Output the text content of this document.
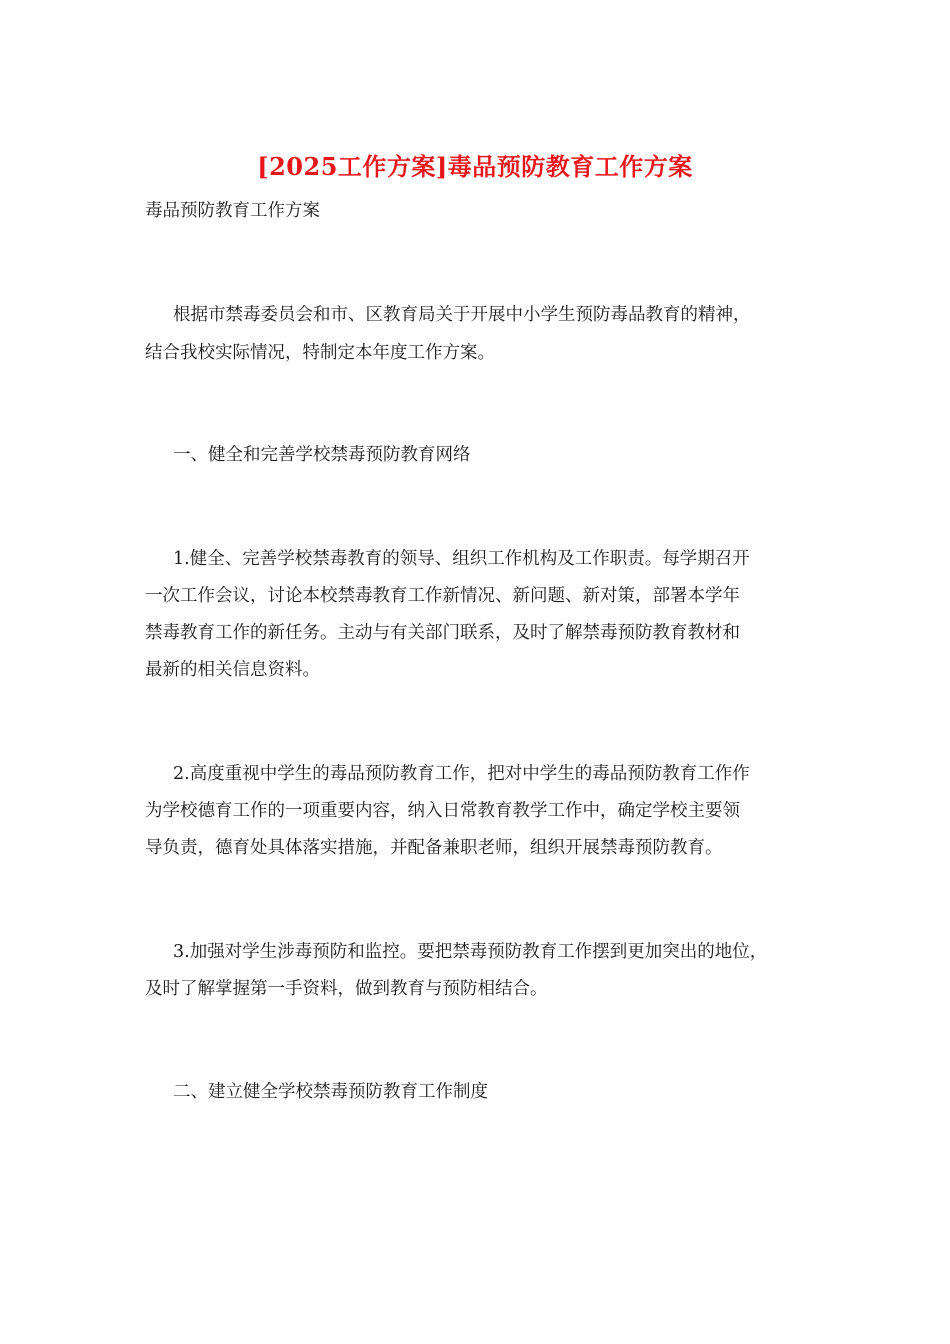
[2025工作方案]毒品预防教育工作方案

毒品预防教育工作方案

根据市禁毒委员会和市、区教育局关于开展中小学生预防毒品教育的精神，

结合我校实际情况，特制定本年度工作方案。

一、健全和完善学校禁毒预防教育网络

1.健全、完善学校禁毒教育的领导、组织工作机构及工作职责。每学期召开

一次工作会议，讨论本校禁毒教育工作新情况、新问题、新对策，部署本学年

禁毒教育工作的新任务。主动与有关部门联系，及时了解禁毒预防教育教材和

最新的相关信息资料。

2.高度重视中学生的毒品预防教育工作，把对中学生的毒品预防教育工作作

为学校德育工作的一项重要内容，纳入日常教育教学工作中，确定学校主要领

导负责，德育处具体落实措施，并配备兼职老师，组织开展禁毒预防教育。

3.加强对学生涉毒预防和监控。要把禁毒预防教育工作摆到更加突出的地位，

及时了解掌握第一手资料，做到教育与预防相结合。

二、建立健全学校禁毒预防教育工作制度
